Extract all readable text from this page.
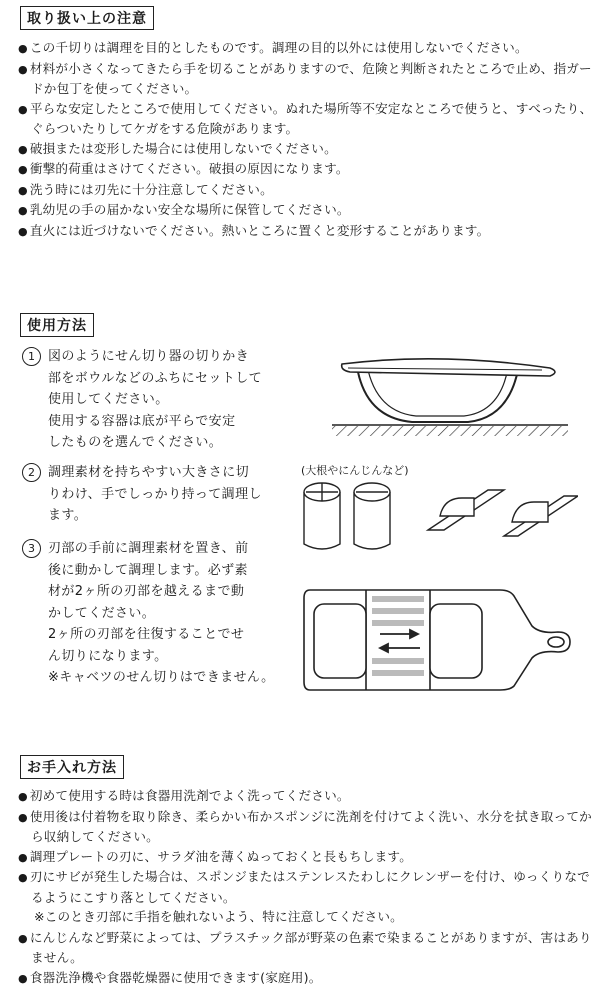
取り扱い上の注意
● この千切りは調理を目的としたものです。調理の目的以外には使用しないでください。
● 材料が小さくなってきたら手を切ることがありますので、危険と判断されたところで止め、指ガードか包丁を使ってください。
● 平らな安定したところで使用してください。ぬれた場所等不安定なところで使うと、すべったり、ぐらついたりしてケガをする危険があります。
● 破損または変形した場合には使用しないでください。
● 衝撃的荷重はさけてください。破損の原因になります。
● 洗う時には刃先に十分注意してください。
● 乳幼児の手の届かない安全な場所に保管してください。
● 直火には近づけないでください。熱いところに置くと変形することがあります。
使用方法
1	図のようにせん切り器の切りかき
部をボウルなどのふちにセットして
使用してください。
使用する容器は底が平らで安定
したものを選んでください。
2	調理素材を持ちやすい大きさに切
りわけ、手でしっかり持って調理し
ます。
3	刃部の手前に調理素材を置き、前
後に動かして調理します。必ず素
材が2ヶ所の刃部を越えるまで動
かしてください。
2ヶ所の刃部を往復することでせ
ん切りになります。
※キャベツのせん切りはできません。
(大根やにんじんなど)
お手入れ方法
● 初めて使用する時は食器用洗剤でよく洗ってください。
● 使用後は付着物を取り除き、柔らかい布かスポンジに洗剤を付けてよく洗い、水分を拭き取ってから収納してください。
● 調理プレートの刃に、サラダ油を薄くぬっておくと長もちします。
● 刃にサビが発生した場合は、スポンジまたはステンレスたわしにクレンザーを付け、ゆっくりなでるようにこすり落としてください。
※このとき刃部に手指を触れないよう、特に注意してください。
● にんじんなど野菜によっては、プラスチック部が野菜の色素で染まることがありますが、害はありません。
● 食器洗浄機や食器乾燥器に使用できます(家庭用)。
